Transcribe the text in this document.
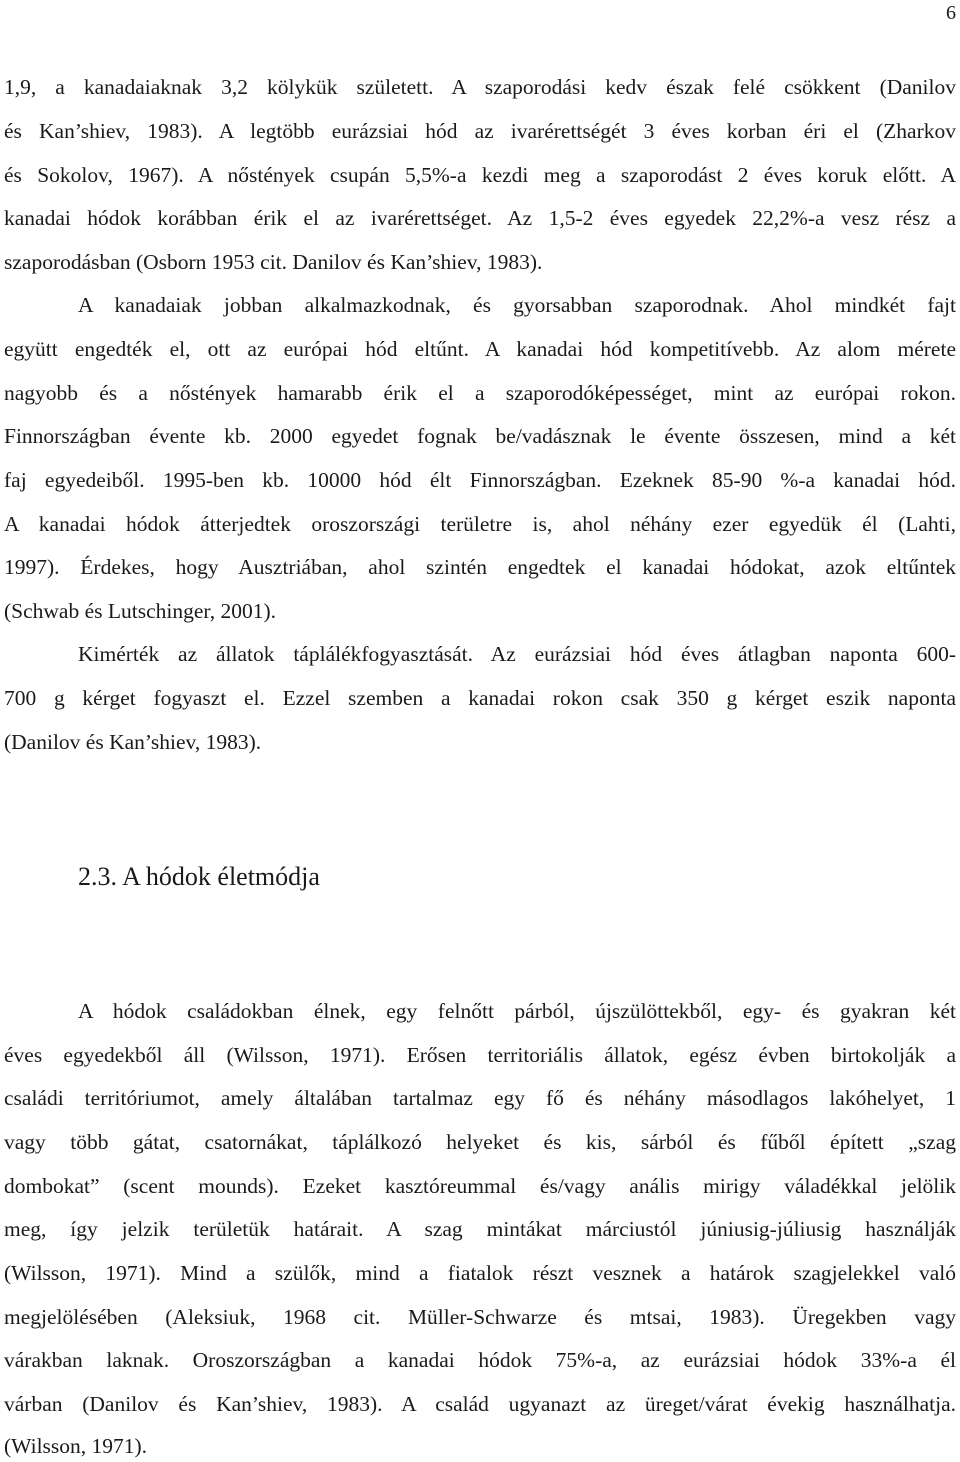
6
1,9, a kanadaiaknak 3,2 kölykük született. A szaporodási kedv észak felé csökkent (Danilov
és Kan’shiev, 1983). A legtöbb eurázsiai hód az ivarérettségét 3 éves korban éri el (Zharkov
és Sokolov, 1967). A nőstények csupán 5,5%-a kezdi meg a szaporodást 2 éves koruk előtt. A
kanadai hódok korábban érik el az ivarérettséget. Az 1,5-2 éves egyedek 22,2%-a vesz rész a
szaporodásban (Osborn 1953 cit. Danilov és Kan’shiev, 1983).
A kanadaiak jobban alkalmazkodnak, és gyorsabban szaporodnak. Ahol mindkét fajt
együtt engedték el, ott az európai hód eltűnt. A kanadai hód kompetitívebb. Az alom mérete
nagyobb és a nőstények hamarabb érik el a szaporodóképességet, mint az európai rokon.
Finnországban évente kb. 2000 egyedet fognak be/vadásznak le évente összesen, mind a két
faj egyedeiből. 1995-ben kb. 10000 hód élt Finnországban. Ezeknek 85-90 %-a kanadai hód.
A kanadai hódok átterjedtek oroszországi területre is, ahol néhány ezer egyedük él (Lahti,
1997). Érdekes, hogy Ausztriában, ahol szintén engedtek el kanadai hódokat, azok eltűntek
(Schwab és Lutschinger, 2001).
Kimérték az állatok táplálékfogyasztását. Az eurázsiai hód éves átlagban naponta 600-
700 g kérget fogyaszt el. Ezzel szemben a kanadai rokon csak 350 g kérget eszik naponta
(Danilov és Kan’shiev, 1983).
2.3. A hódok életmódja
A hódok családokban élnek, egy felnőtt párból, újszülöttekből, egy- és gyakran két
éves egyedekből áll (Wilsson, 1971). Erősen territoriális állatok, egész évben birtokolják a
családi territóriumot, amely általában tartalmaz egy fő és néhány másodlagos lakóhelyet, 1
vagy több gátat, csatornákat, táplálkozó helyeket és kis, sárból és fűből épített „szag
dombokat” (scent mounds). Ezeket kasztóreummal és/vagy anális mirigy váladékkal jelölik
meg, így jelzik területük határait. A szag mintákat márciustól júniusig-júliusig használják
(Wilsson, 1971). Mind a szülők, mind a fiatalok részt vesznek a határok szagjelekkel való
megjelölésében (Aleksiuk, 1968 cit. Müller-Schwarze és mtsai, 1983). Üregekben vagy
várakban laknak. Oroszországban a kanadai hódok 75%-a, az eurázsiai hódok 33%-a él
várban (Danilov és Kan’shiev, 1983). A család ugyanazt az üreget/várat évekig használhatja.
(Wilsson, 1971).
